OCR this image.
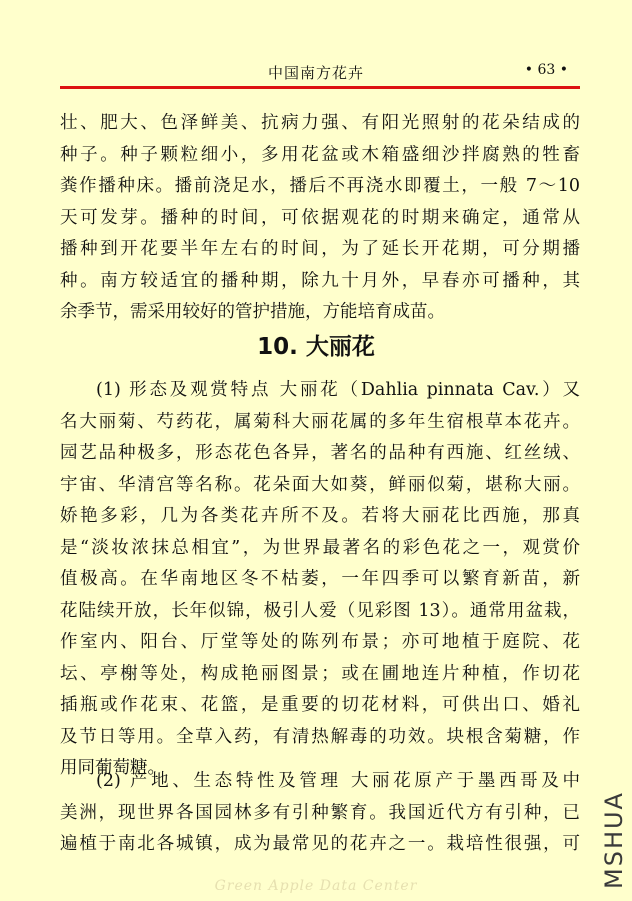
中国南方花卉	• 63 •
壮、肥大、色泽鲜美、抗病力强、有阳光照射的花朵结成的
种子。种子颗粒细小，多用花盆或木箱盛细沙拌腐熟的牲畜
粪作播种床。播前浇足水，播后不再浇水即覆土，一般 7～10
天可发芽。播种的时间，可依据观花的时期来确定，通常从
播种到开花要半年左右的时间，为了延长开花期，可分期播
种。南方较适宜的播种期，除九十月外，早春亦可播种，其
余季节，需采用较好的管护措施，方能培育成苗。
10. 大丽花
(1) 形态及观赏特点 大丽花（Dahlia pinnata Cav.）又
名大丽菊、芍药花，属菊科大丽花属的多年生宿根草本花卉。
园艺品种极多，形态花色各异，著名的品种有西施、红丝绒、
宇宙、华清宫等名称。花朵面大如葵，鲜丽似菊，堪称大丽。
娇艳多彩，几为各类花卉所不及。若将大丽花比西施，那真
是“淡妆浓抹总相宜”，为世界最著名的彩色花之一，观赏价
值极高。在华南地区冬不枯萎，一年四季可以繁育新苗，新
花陆续开放，长年似锦，极引人爱（见彩图 13）。通常用盆栽，
作室内、阳台、厅堂等处的陈列布景；亦可地植于庭院、花
坛、亭榭等处，构成艳丽图景；或在圃地连片种植，作切花
插瓶或作花束、花篮，是重要的切花材料，可供出口、婚礼
及节日等用。全草入药，有清热解毒的功效。块根含菊糖，作
用同葡萄糖。
(2) 产地、生态特性及管理 大丽花原产于墨西哥及中
美洲，现世界各国园林多有引种繁育。我国近代方有引种，已
遍植于南北各城镇，成为最常见的花卉之一。栽培性很强，可
Green Apple Data Center	MSHUA
